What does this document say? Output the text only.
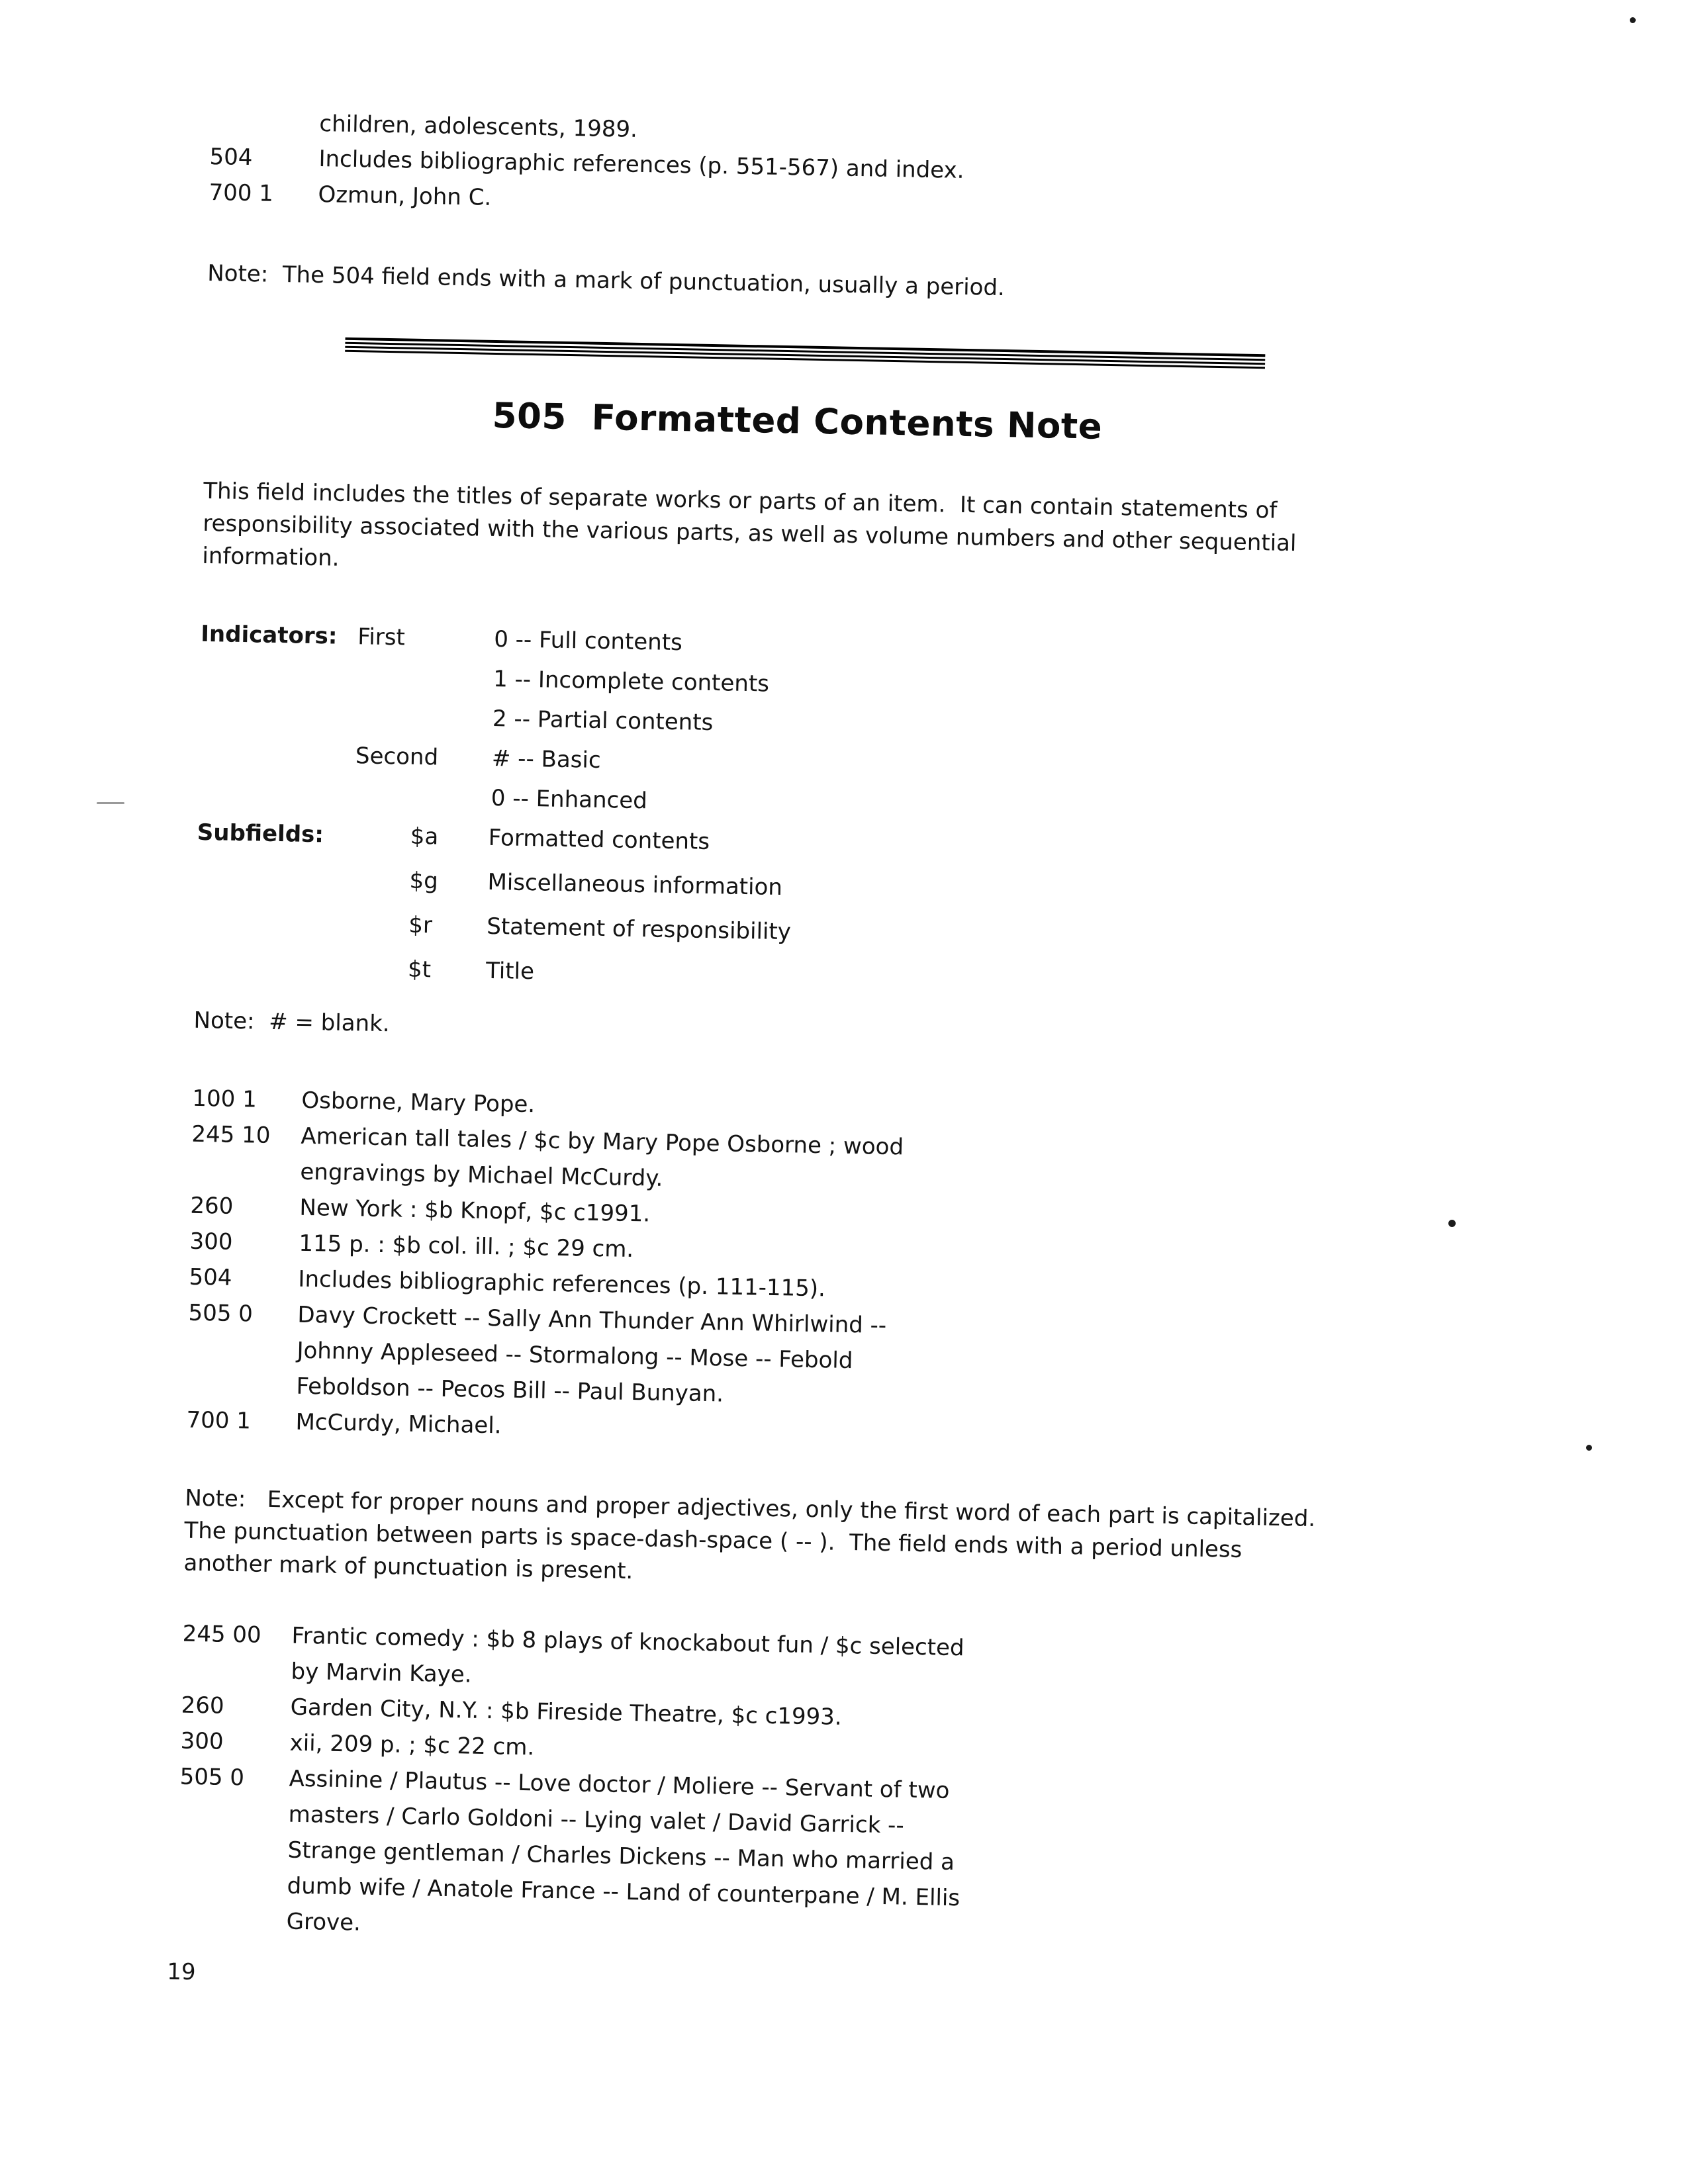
children, adolescents, 1989.
504	Includes bibliographic references (p. 551-567) and index.
700 1	Ozmun, John C.
Note:  The 504 field ends with a mark of punctuation, usually a period.
505  Formatted Contents Note
This field includes the titles of separate works or parts of an item.  It can contain statements of responsibility associated with the various parts, as well as volume numbers and other sequential information.
Indicators: First	0 -- Full contents
1 -- Incomplete contents
2 -- Partial contents
Second	# -- Basic
0 -- Enhanced
Subfields:	$a	Formatted contents
$g	Miscellaneous information
$r	Statement of responsibility
$t	Title
Note:  # = blank.
100 1	Osborne, Mary Pope.
245 10	American tall tales / $c by Mary Pope Osborne ; wood
engravings by Michael McCurdy.
260	New York : $b Knopf, $c c1991.
300	115 p. : $b col. ill. ; $c 29 cm.
504	Includes bibliographic references (p. 111-115).
505 0	Davy Crockett -- Sally Ann Thunder Ann Whirlwind --
Johnny Appleseed -- Stormalong -- Mose -- Febold
Feboldson -- Pecos Bill -- Paul Bunyan.
700 1	McCurdy, Michael.
Note:   Except for proper nouns and proper adjectives, only the first word of each part is capitalized.  The punctuation between parts is space-dash-space ( -- ).  The field ends with a period unless another mark of punctuation is present.
245 00	Frantic comedy : $b 8 plays of knockabout fun / $c selected
by Marvin Kaye.
260	Garden City, N.Y. : $b Fireside Theatre, $c c1993.
300	xii, 209 p. ; $c 22 cm.
505 0	Assinine / Plautus -- Love doctor / Moliere -- Servant of two
masters / Carlo Goldoni -- Lying valet / David Garrick --
Strange gentleman / Charles Dickens -- Man who married a
dumb wife / Anatole France -- Land of counterpane / M. Ellis
Grove.
19
